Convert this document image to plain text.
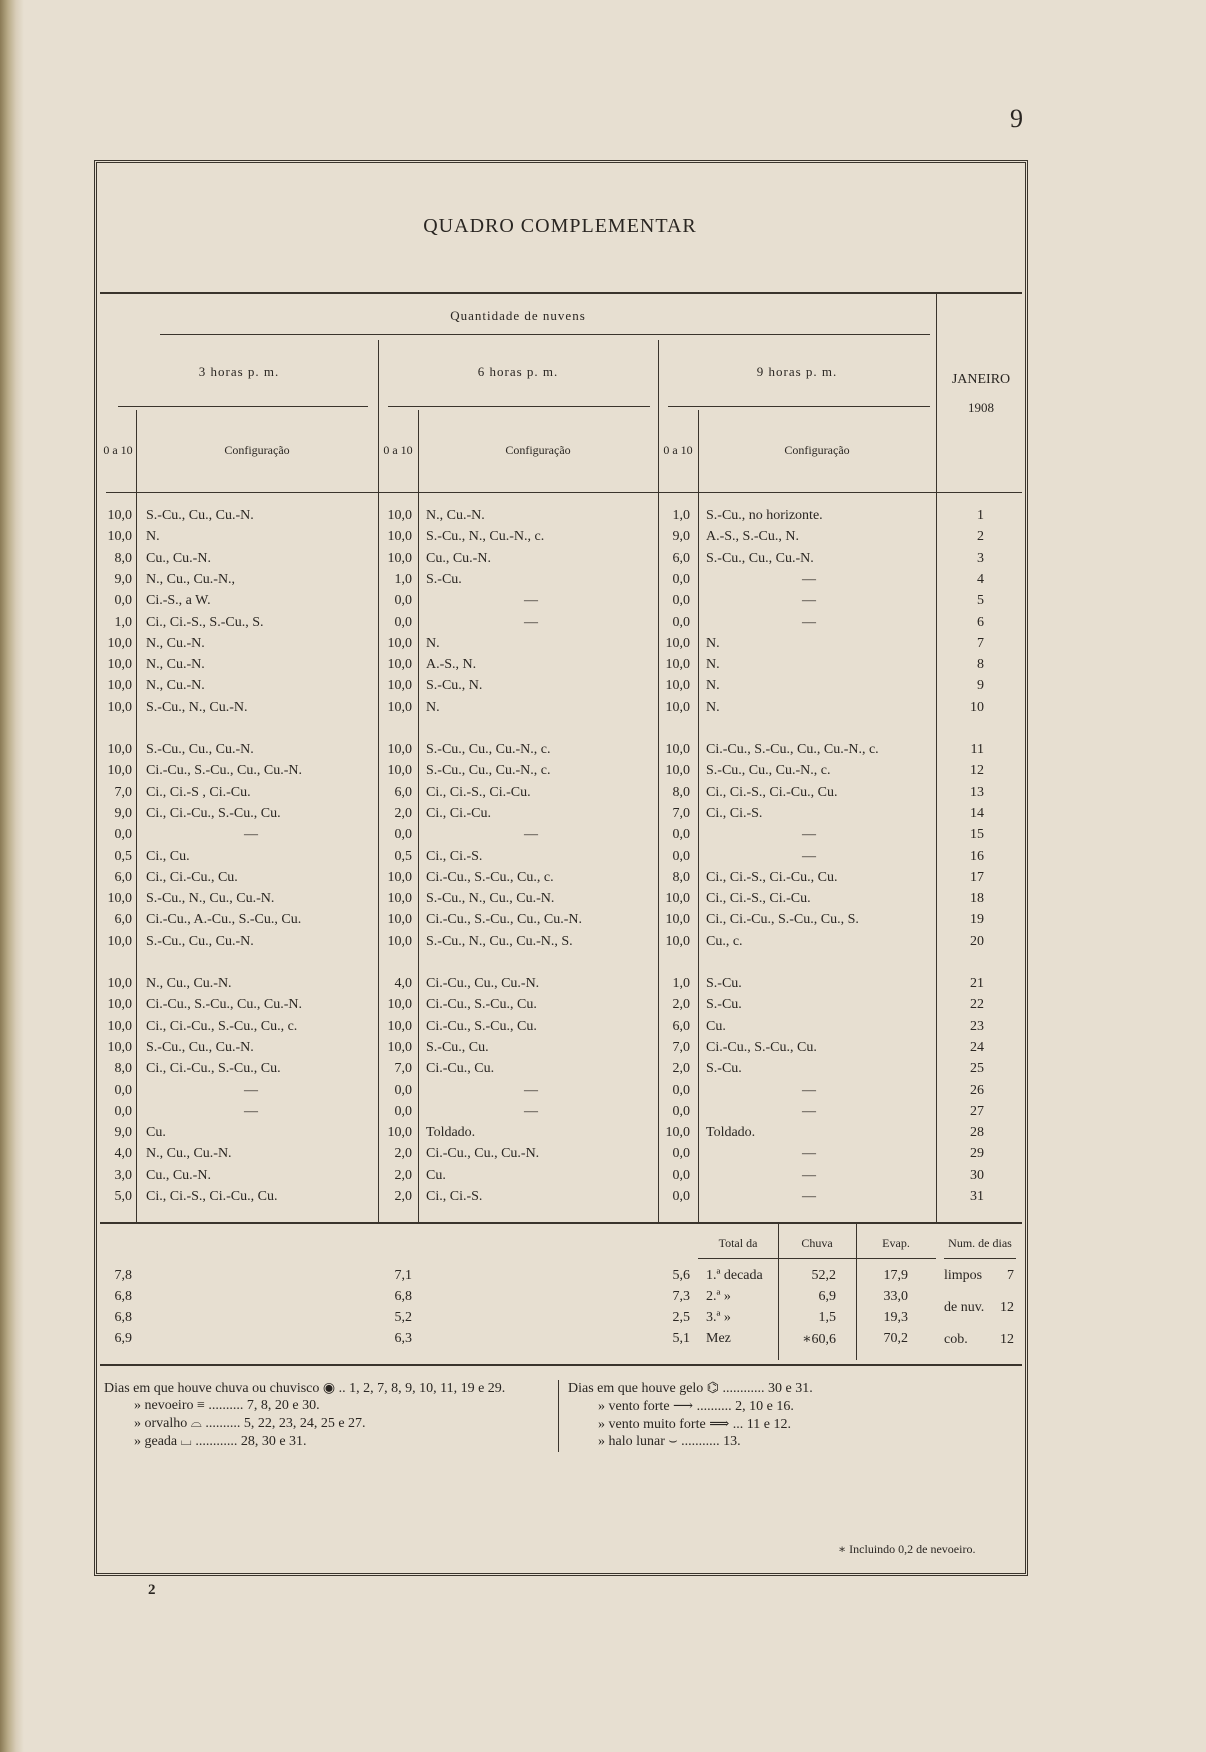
9
2
QUADRO COMPLEMENTAR
Quantidade de nuvens
3 horas p. m.	6 horas p. m.	9 horas p. m.
JANEIRO
1908
0 a 10	Configuração	0 a 10	Configuração	0 a 10	Configuração
10,0 S.-Cu., Cu., Cu.-N.	10,0 N., Cu.-N.	1,0 S.-Cu., no horizonte.	1
10,0 N.	10,0 S.-Cu., N., Cu.-N., c.	9,0 A.-S., S.-Cu., N.	2
8,0 Cu., Cu.-N.	10,0 Cu., Cu.-N.	6,0 S.-Cu., Cu., Cu.-N.	3
9,0 N., Cu., Cu.-N.,	1,0 S.-Cu.	0,0	—	4
0,0 Ci.-S., a W.	0,0	—	0,0	—	5
1,0 Ci., Ci.-S., S.-Cu., S.	0,0	—	0,0	—	6
10,0 N., Cu.-N.	10,0 N.	10,0 N.	7
10,0 N., Cu.-N.	10,0 A.-S., N.	10,0 N.	8
10,0 N., Cu.-N.	10,0 S.-Cu., N.	10,0 N.	9
10,0 S.-Cu., N., Cu.-N.	10,0 N.	10,0 N.	10
10,0 S.-Cu., Cu., Cu.-N.	10,0 S.-Cu., Cu., Cu.-N., c.	10,0 Ci.-Cu., S.-Cu., Cu., Cu.-N., c.	11
10,0 Ci.-Cu., S.-Cu., Cu., Cu.-N.	10,0 S.-Cu., Cu., Cu.-N., c.	10,0 S.-Cu., Cu., Cu.-N., c.	12
7,0 Ci., Ci.-S , Ci.-Cu.	6,0 Ci., Ci.-S., Ci.-Cu.	8,0 Ci., Ci.-S., Ci.-Cu., Cu.	13
9,0 Ci., Ci.-Cu., S.-Cu., Cu.	2,0 Ci., Ci.-Cu.	7,0 Ci., Ci.-S.	14
0,0	—	0,0	—	0,0	—	15
0,5 Ci., Cu.	0,5 Ci., Ci.-S.	0,0	—	16
6,0 Ci., Ci.-Cu., Cu.	10,0 Ci.-Cu., S.-Cu., Cu., c.	8,0 Ci., Ci.-S., Ci.-Cu., Cu.	17
10,0 S.-Cu., N., Cu., Cu.-N.	10,0 S.-Cu., N., Cu., Cu.-N.	10,0 Ci., Ci.-S., Ci.-Cu.	18
6,0 Ci.-Cu., A.-Cu., S.-Cu., Cu.	10,0 Ci.-Cu., S.-Cu., Cu., Cu.-N.	10,0 Ci., Ci.-Cu., S.-Cu., Cu., S.	19
10,0 S.-Cu., Cu., Cu.-N.	10,0 S.-Cu., N., Cu., Cu.-N., S.	10,0 Cu., c.	20
10,0 N., Cu., Cu.-N.	4,0 Ci.-Cu., Cu., Cu.-N.	1,0 S.-Cu.	21
10,0 Ci.-Cu., S.-Cu., Cu., Cu.-N.	10,0 Ci.-Cu., S.-Cu., Cu.	2,0 S.-Cu.	22
10,0 Ci., Ci.-Cu., S.-Cu., Cu., c.	10,0 Ci.-Cu., S.-Cu., Cu.	6,0 Cu.	23
10,0 S.-Cu., Cu., Cu.-N.	10,0 S.-Cu., Cu.	7,0 Ci.-Cu., S.-Cu., Cu.	24
8,0 Ci., Ci.-Cu., S.-Cu., Cu.	7,0 Ci.-Cu., Cu.	2,0 S.-Cu.	25
0,0	—	0,0	—	0,0	—	26
0,0	—	0,0	—	0,0	—	27
9,0 Cu.	10,0 Toldado.	10,0 Toldado.	28
4,0 N., Cu., Cu.-N.	2,0 Ci.-Cu., Cu., Cu.-N.	0,0	—	29
3,0 Cu., Cu.-N.	2,0 Cu.	0,0	—	30
5,0 Ci., Ci.-S., Ci.-Cu., Cu.	2,0 Ci., Ci.-S.	0,0	—	31
Total da	Chuva	Evap.	Num. de dias
7,8	7,1	5,6 1.ª decada	52,2	17,9
6,8	6,8	7,3 2.ª »	6,9	33,0
6,8	5,2	2,5 3.ª »	1,5	19,3
6,9	6,3	5,1 Mez	∗60,6	70,2
limpos	7
de nuv.	12
cob.	12
Dias em que houve chuva ou chuvisco ◉ .. 1, 2, 7, 8, 9, 10, 11, 19 e 29.
» nevoeiro ≡ .......... 7, 8, 20 e 30.
» orvalho ⌓ .......... 5, 22, 23, 24, 25 e 27.
» geada ⌴ ............ 28, 30 e 31.
Dias em que houve gelo ⌬ ............ 30 e 31.
» vento forte ⟶ .......... 2, 10 e 16.
» vento muito forte ⟹ ... 11 e 12.
» halo lunar ⌣ ........... 13.
∗ Incluindo 0,2 de nevoeiro.
